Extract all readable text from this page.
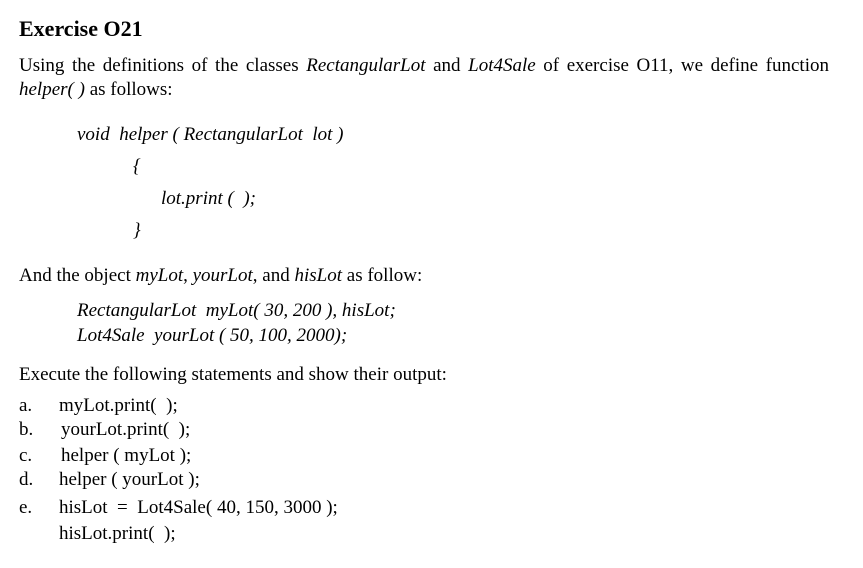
Exercise O21
Using the definitions of the classes RectangularLot and Lot4Sale of exercise O11, we define function
helper( ) as follows:
void  helper ( RectangularLot  lot )
{
lot.print (  );
}
And the object myLot, yourLot, and hisLot as follow:
RectangularLot  myLot( 30, 200 ), hisLot;
Lot4Sale  yourLot ( 50, 100, 2000);
Execute the following statements and show their output:
a.	myLot.print(  );
b.	yourLot.print(  );
c.	helper ( myLot );
d.	helper ( yourLot );
e.	hisLot  =  Lot4Sale( 40, 150, 3000 );
hisLot.print(  );
